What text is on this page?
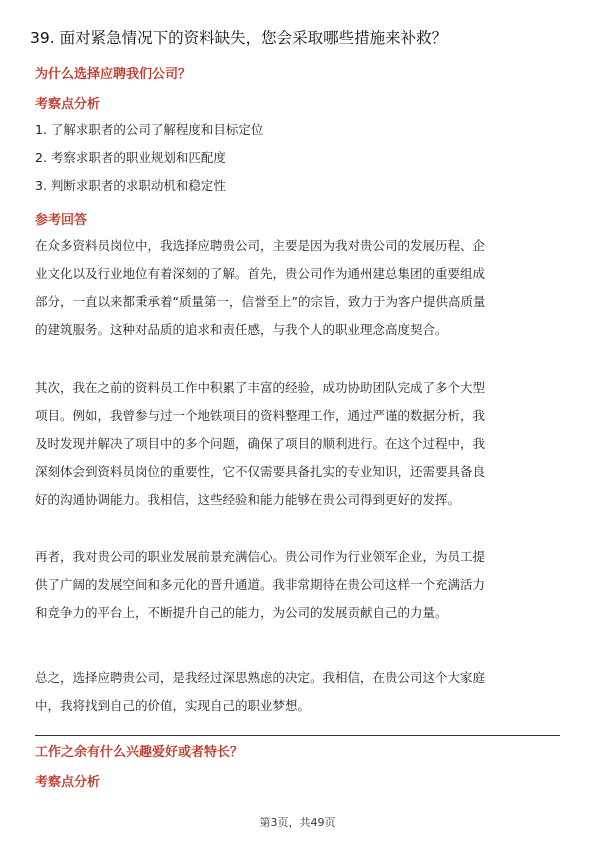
39. 面对紧急情况下的资料缺失，您会采取哪些措施来补救？
为什么选择应聘我们公司？
考察点分析
1. 了解求职者的公司了解程度和目标定位
2. 考察求职者的职业规划和匹配度
3. 判断求职者的求职动机和稳定性
参考回答
在众多资料员岗位中，我选择应聘贵公司，主要是因为我对贵公司的发展历程、企
业文化以及行业地位有着深刻的了解。首先，贵公司作为通州建总集团的重要组成
部分，一直以来都秉承着“质量第一，信誉至上”的宗旨，致力于为客户提供高质量
的建筑服务。这种对品质的追求和责任感，与我个人的职业理念高度契合。
其次，我在之前的资料员工作中积累了丰富的经验，成功协助团队完成了多个大型
项目。例如，我曾参与过一个地铁项目的资料整理工作，通过严谨的数据分析，我
及时发现并解决了项目中的多个问题，确保了项目的顺利进行。在这个过程中，我
深刻体会到资料员岗位的重要性，它不仅需要具备扎实的专业知识，还需要具备良
好的沟通协调能力。我相信，这些经验和能力能够在贵公司得到更好的发挥。
再者，我对贵公司的职业发展前景充满信心。贵公司作为行业领军企业，为员工提
供了广阔的发展空间和多元化的晋升通道。我非常期待在贵公司这样一个充满活力
和竞争力的平台上，不断提升自己的能力，为公司的发展贡献自己的力量。
总之，选择应聘贵公司，是我经过深思熟虑的决定。我相信，在贵公司这个大家庭
中，我将找到自己的价值，实现自己的职业梦想。
工作之余有什么兴趣爱好或者特长？
考察点分析
第3页，共49页
